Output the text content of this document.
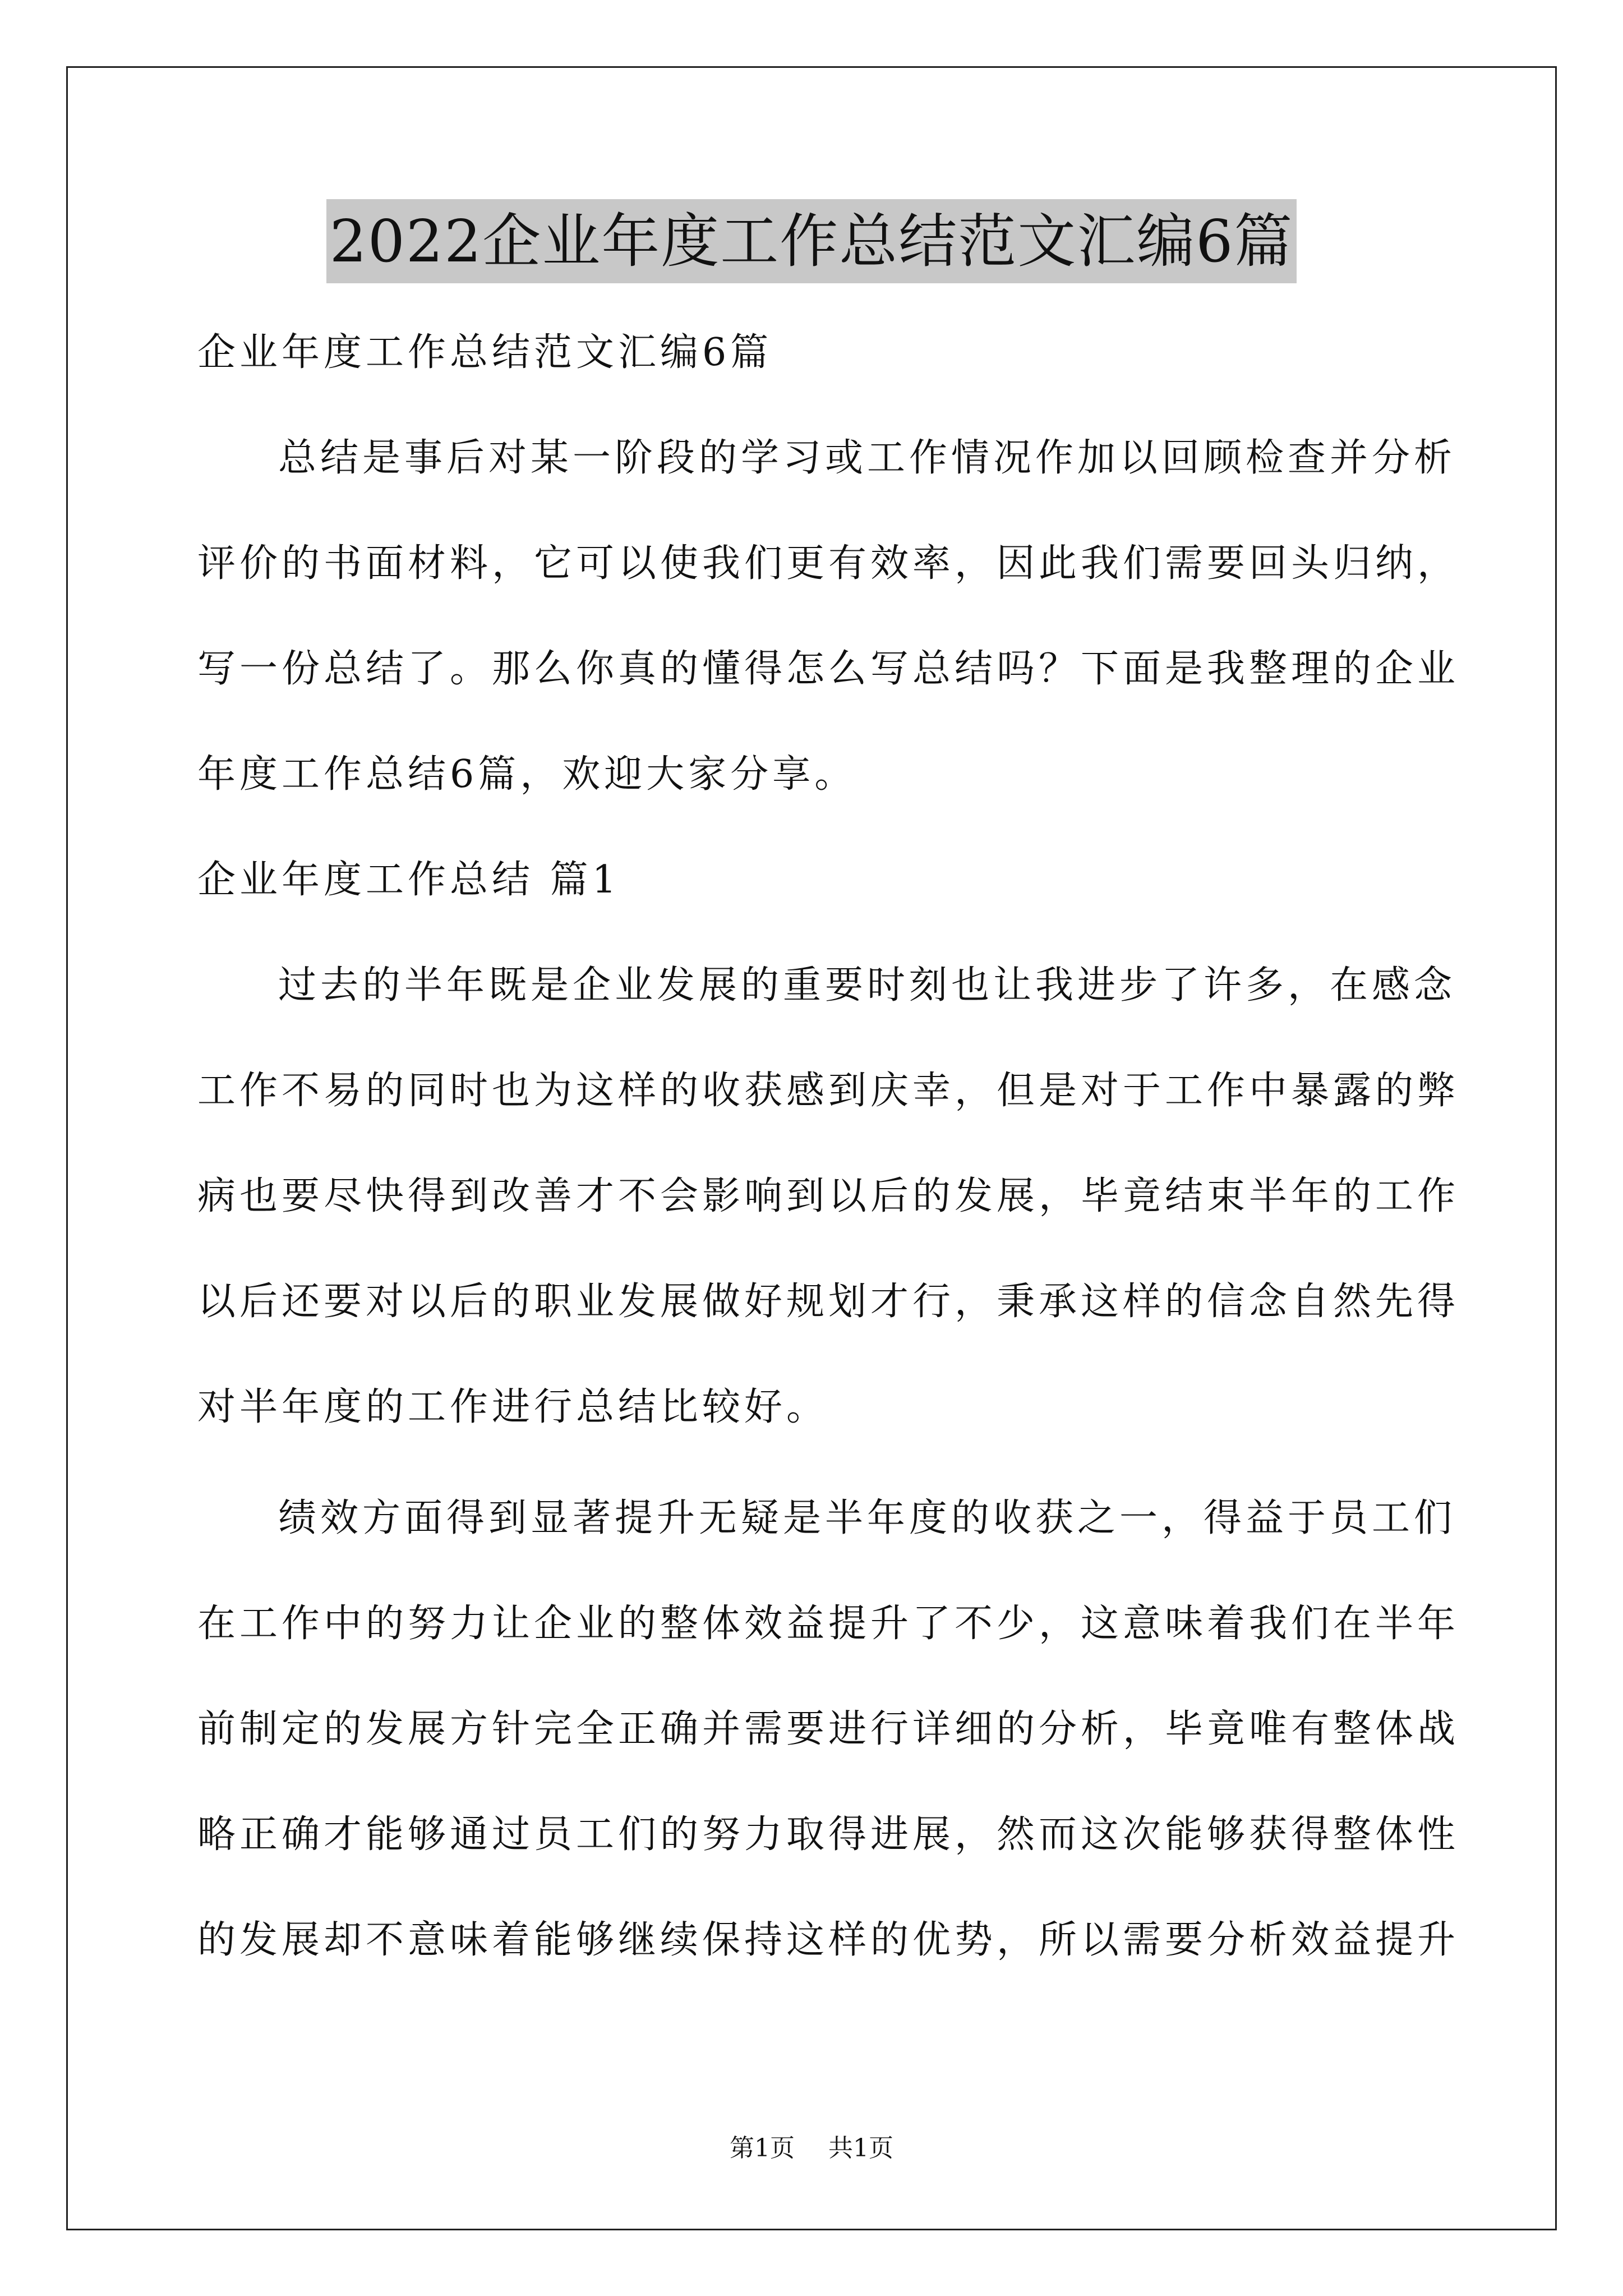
2022企业年度工作总结范文汇编6篇
企业年度工作总结范文汇编6篇
总结是事后对某一阶段的学习或工作情况作加以回顾检查并分析
评价的书面材料，它可以使我们更有效率，因此我们需要回头归纳，
写一份总结了。那么你真的懂得怎么写总结吗？下面是我整理的企业
年度工作总结6篇，欢迎大家分享。
企业年度工作总结 篇1
过去的半年既是企业发展的重要时刻也让我进步了许多，在感念
工作不易的同时也为这样的收获感到庆幸，但是对于工作中暴露的弊
病也要尽快得到改善才不会影响到以后的发展，毕竟结束半年的工作
以后还要对以后的职业发展做好规划才行，秉承这样的信念自然先得
对半年度的工作进行总结比较好。
绩效方面得到显著提升无疑是半年度的收获之一，得益于员工们
在工作中的努力让企业的整体效益提升了不少，这意味着我们在半年
前制定的发展方针完全正确并需要进行详细的分析，毕竟唯有整体战
略正确才能够通过员工们的努力取得进展，然而这次能够获得整体性
的发展却不意味着能够继续保持这样的优势，所以需要分析效益提升
第1页 共1页
